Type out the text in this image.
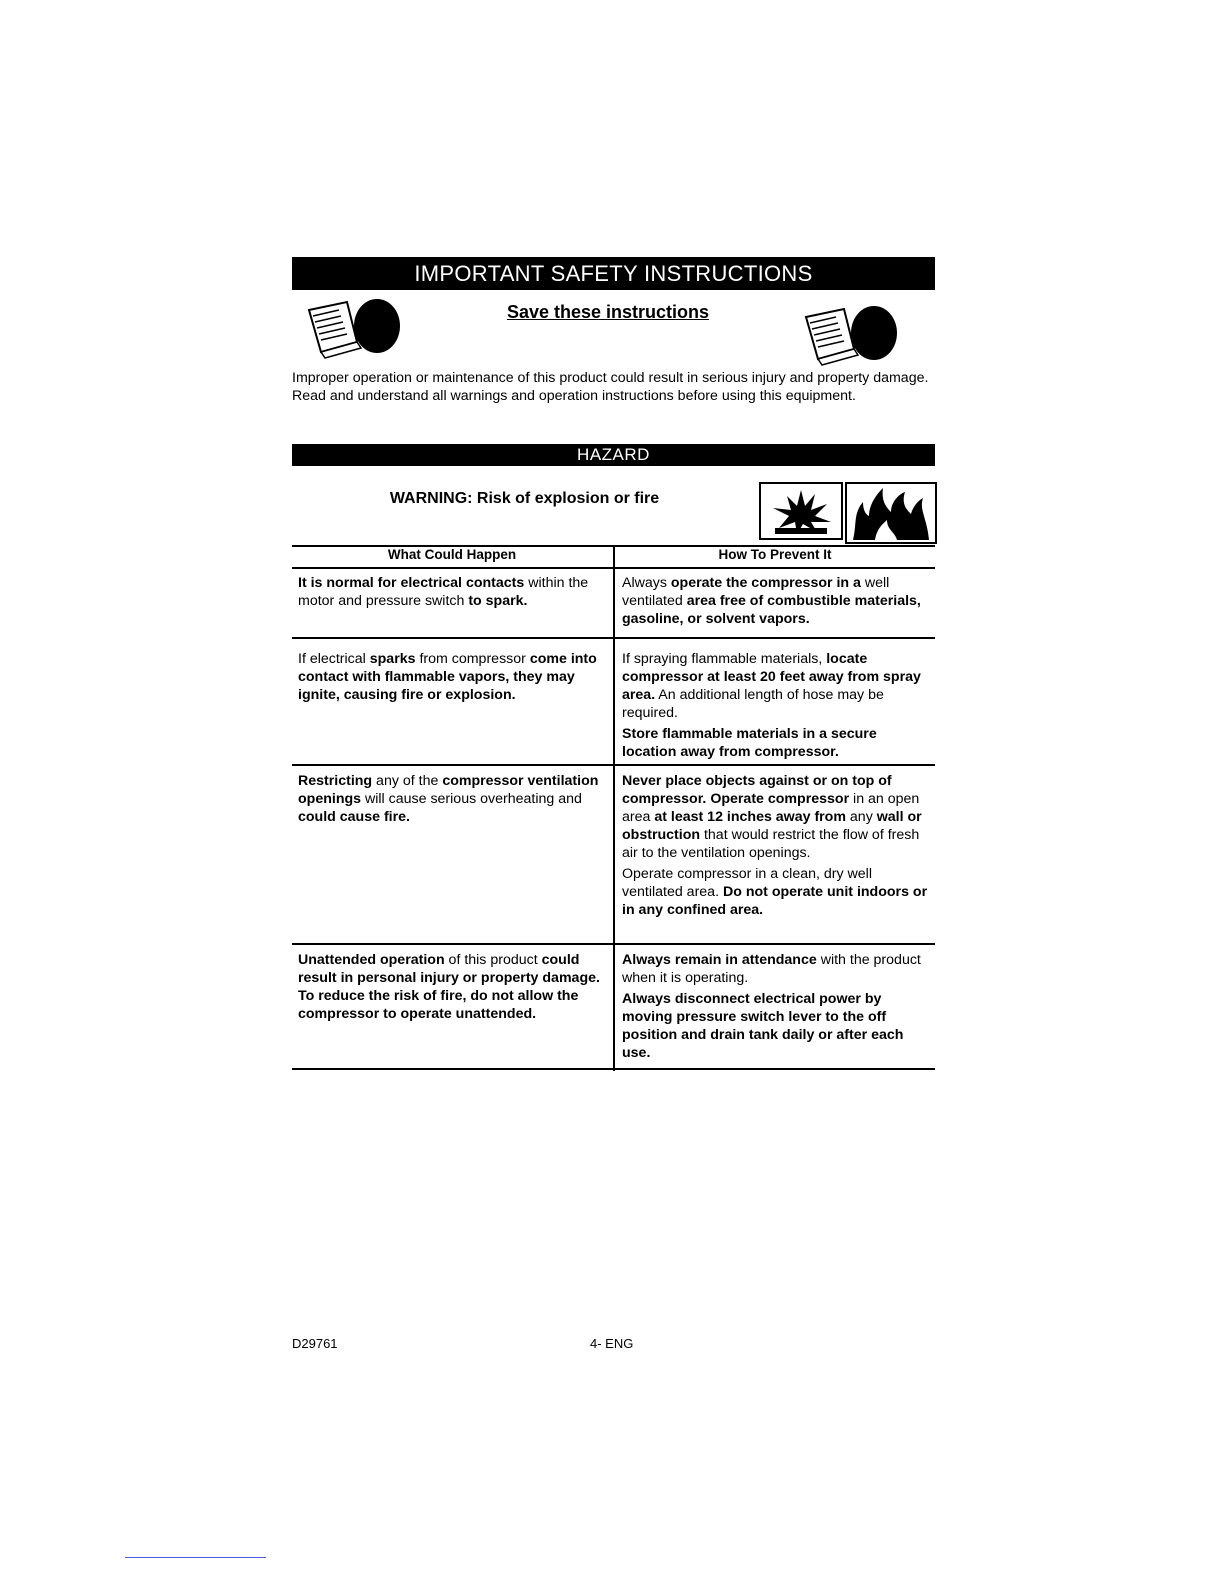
IMPORTANT SAFETY INSTRUCTIONS
Save these instructions
Improper operation or maintenance of this product could result in serious injury and property damage. Read and understand all warnings and operation instructions before using this equipment.
HAZARD
WARNING: Risk of explosion or fire
What Could Happen	How To Prevent It

It is normal for electrical contacts within the motor and pressure switch to spark.

Always operate the compressor in a well ventilated area free of combustible materials, gasoline, or solvent vapors.

If electrical sparks from compressor come into contact with flammable vapors, they may ignite, causing fire or explosion.

If spraying flammable materials, locate compressor at least 20 feet away from spray area. An additional length of hose may be required.

Store flammable materials in a secure location away from compressor.

Restricting any of the compressor ventilation openings will cause serious overheating and could cause fire.

Never place objects against or on top of compressor. Operate compressor in an open area at least 12 inches away from any wall or obstruction that would restrict the flow of fresh air to the ventilation openings.

Operate compressor in a clean, dry well ventilated area. Do not operate unit indoors or in any confined area.

Unattended operation of this product could result in personal injury or property damage. To reduce the risk of fire, do not allow the compressor to operate unattended.

Always remain in attendance with the product when it is operating.

Always disconnect electrical power by moving pressure switch lever to the off position and drain tank daily or after each use.

D29761	4- ENG
